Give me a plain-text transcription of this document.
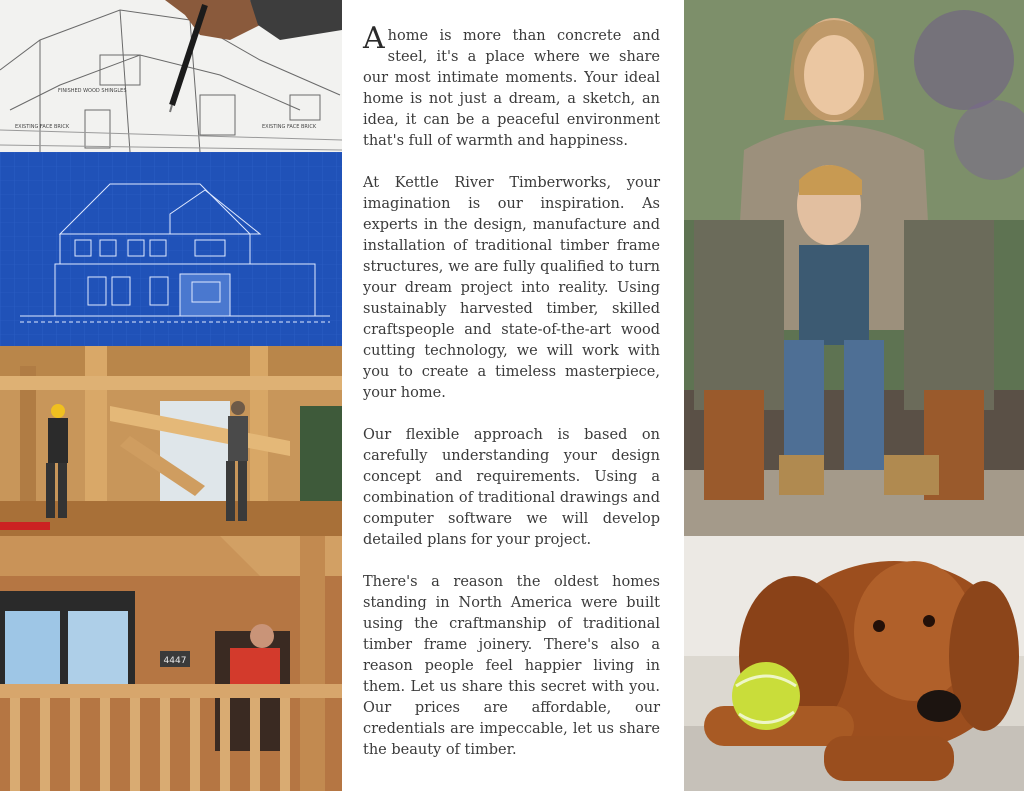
FINISHED WOOD SHINGLES
EXISTING FACE BRICK	EXISTING FACE BRICK
4447

A home is more than concrete and steel, it's a place where we share our most intimate moments. Your ideal home is not just a dream, a sketch, an idea, it can be a peaceful environment that's full of warmth and happiness.

At Kettle River Timberworks, your imagination is our inspiration. As experts in the design, manufacture and installation of traditional timber frame structures, we are fully qualified to turn your dream project into reality. Using sustainably harvested timber, skilled craftspeople and state-of-the-art wood cutting technology, we will work with you to create a timeless masterpiece, your home.

Our flexible approach is based on carefully understanding your design concept and requirements. Using a combination of traditional drawings and computer software we will develop detailed plans for your project.

There's a reason the oldest homes standing in North America were built using the craftmanship of traditional timber frame joinery. There's also a reason people feel happier living in them. Let us share this secret with you. Our prices are affordable, our credentials are impeccable, let us share the beauty of timber.
